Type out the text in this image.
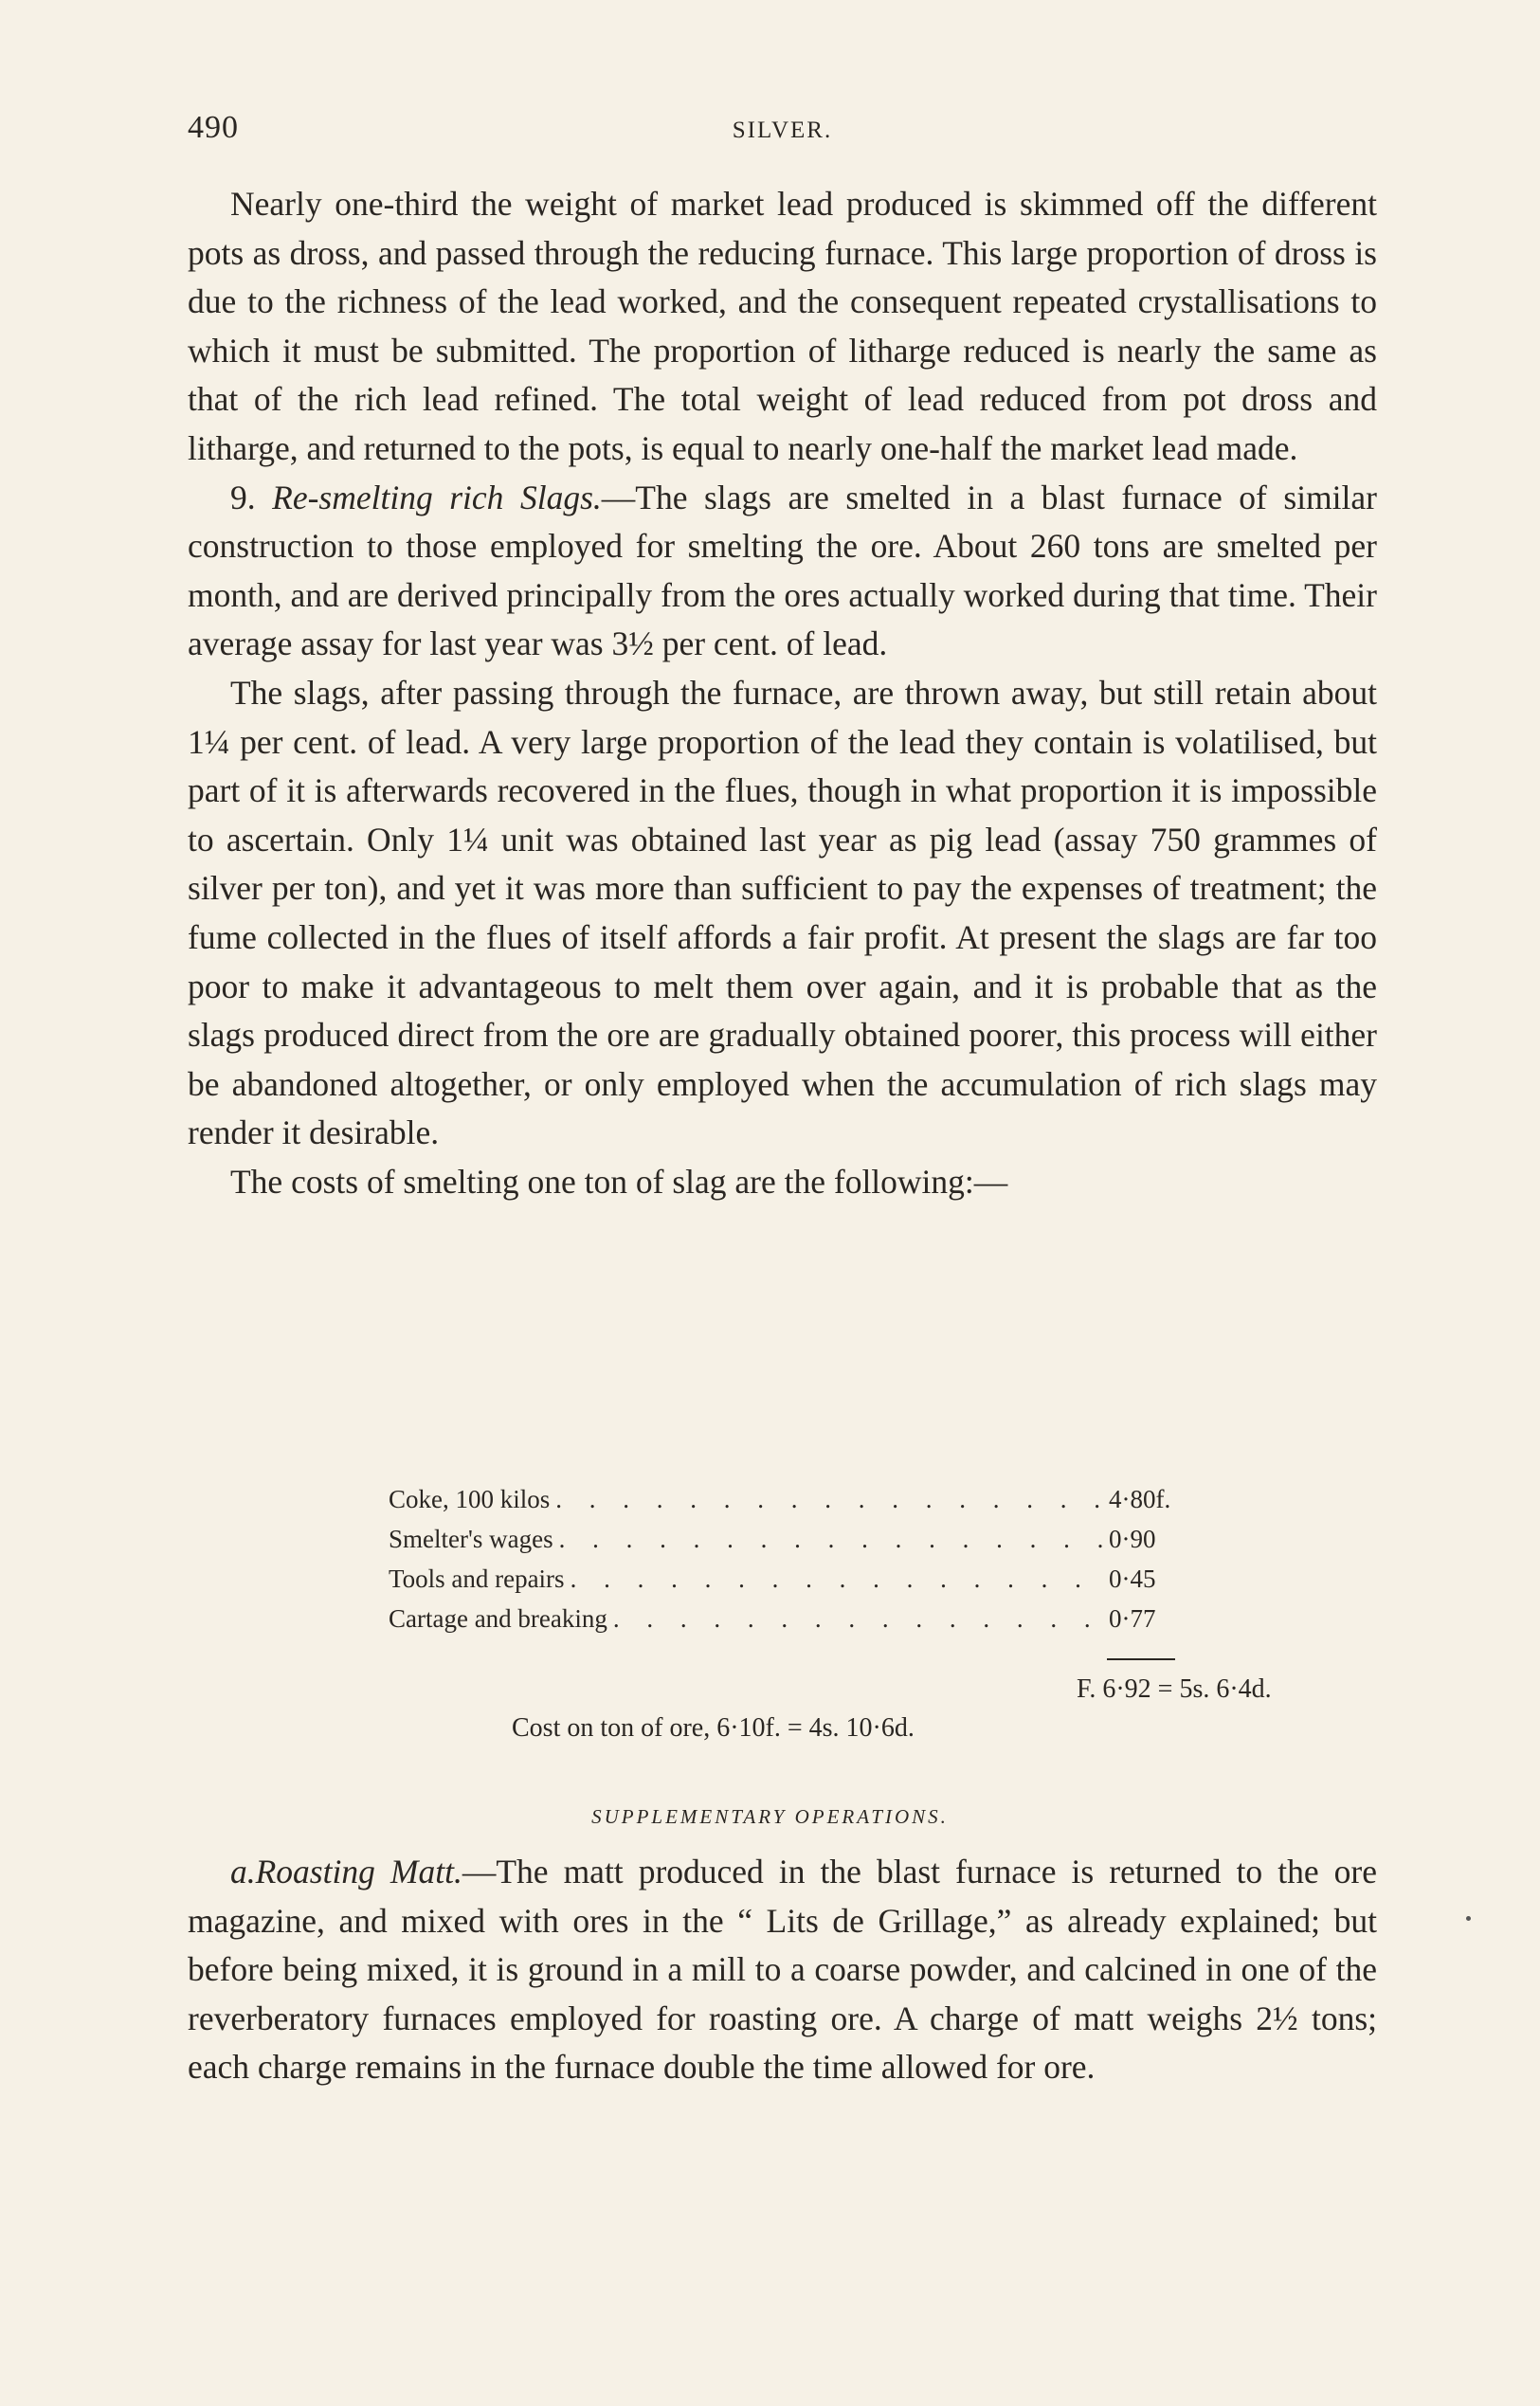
490	SILVER.

Nearly one-third the weight of market lead produced is skimmed off the different pots as dross, and passed through the reducing furnace. This large proportion of dross is due to the richness of the lead worked, and the consequent repeated crystallisations to which it must be submitted. The proportion of litharge reduced is nearly the same as that of the rich lead refined. The total weight of lead reduced from pot dross and litharge, and returned to the pots, is equal to nearly one-half the market lead made.

9. Re-smelting rich Slags.—The slags are smelted in a blast furnace of similar construction to those employed for smelting the ore. About 260 tons are smelted per month, and are derived principally from the ores actually worked during that time. Their average assay for last year was 3½ per cent. of lead.

The slags, after passing through the furnace, are thrown away, but still retain about 1¼ per cent. of lead. A very large proportion of the lead they contain is volatilised, but part of it is afterwards recovered in the flues, though in what proportion it is impossible to ascertain. Only 1¼ unit was obtained last year as pig lead (assay 750 grammes of silver per ton), and yet it was more than sufficient to pay the expenses of treatment; the fume collected in the flues of itself affords a fair profit. At present the slags are far too poor to make it advantageous to melt them over again, and it is probable that as the slags produced direct from the ore are gradually obtained poorer, this process will either be abandoned altogether, or only employed when the accumulation of rich slags may render it desirable.

The costs of smelting one ton of slag are the following:—

Coke, 100 kilos . . .	4·80f.
Smelter's wages . . .	0·90
Tools and repairs . . .	0·45
Cartage and breaking . . .	0·77
F. 6·92 = 5s. 6·4d.
Cost on ton of ore, 6·10f. = 4s. 10·6d.
SUPPLEMENTARY OPERATIONS.

a.Roasting Matt.—The matt produced in the blast furnace is returned to the ore magazine, and mixed with ores in the “ Lits de Grillage,” as already explained; but before being mixed, it is ground in a mill to a coarse powder, and calcined in one of the reverberatory furnaces employed for roasting ore. A charge of matt weighs 2½ tons; each charge remains in the furnace double the time allowed for ore.
